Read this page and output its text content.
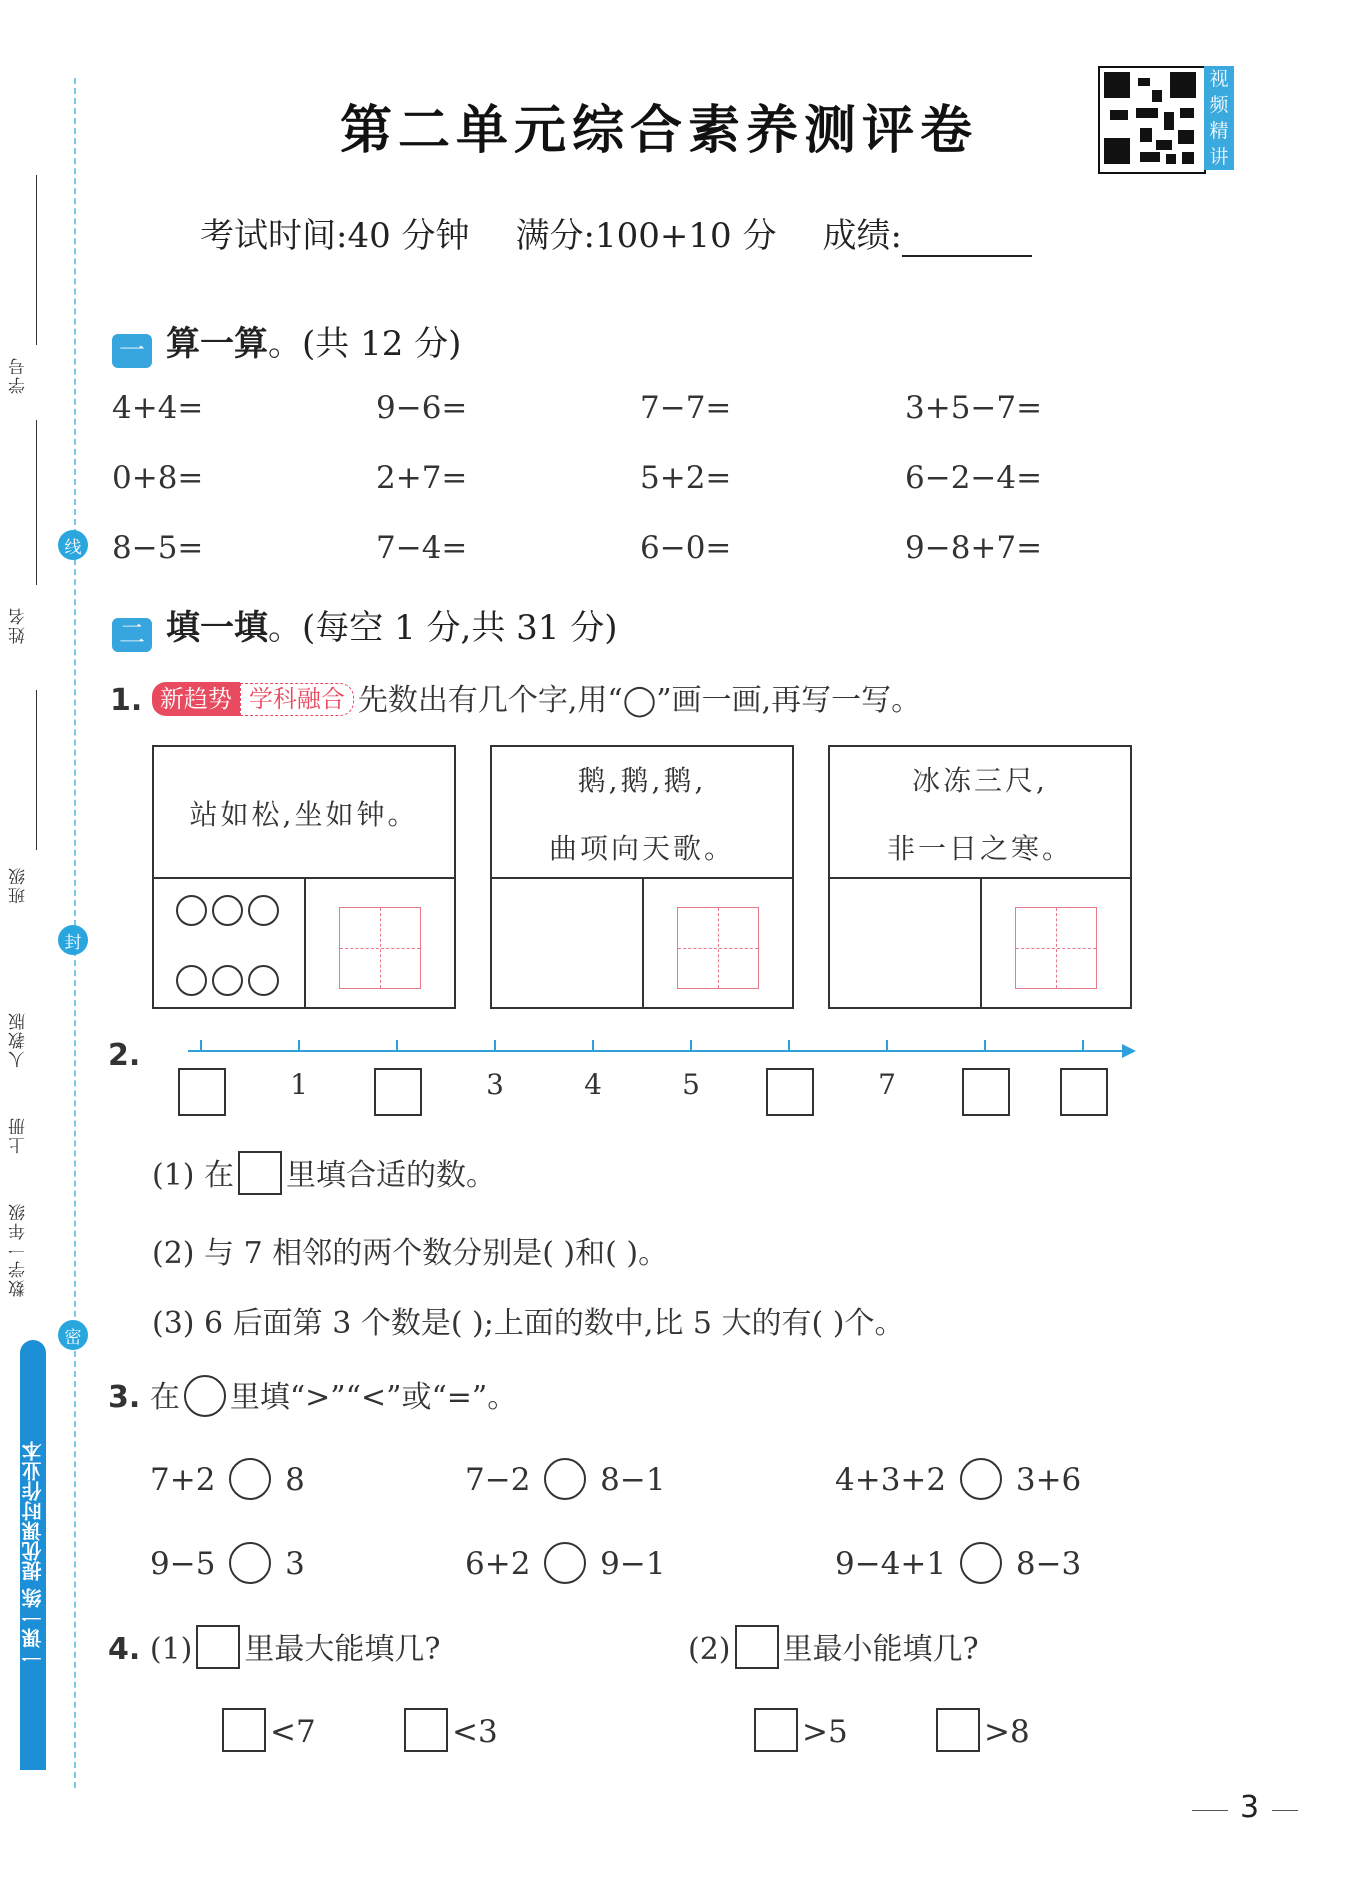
学号
姓名
班级
人教版
上册
数学一年级
线
封
密
一课一练 提优课时作业本
第二单元综合素养测评卷
视频精讲
考试时间:40 分钟 满分:100+10 分 成绩:
一 算一算。(共 12 分)
4+4=	9−6=	7−7=	3+5−7=
0+8=	2+7=	5+2=	6−2−4=
8−5=	7−4=	6−0=	9−8+7=
二 填一填。(每空 1 分,共 31 分)
1. 新趋势 学科融合 先数出有几个字,用“◯”画一画,再写一写。
站如松,坐如钟。
鹅,鹅,鹅,
曲项向天歌。
冰冻三尺,
非一日之寒。
2.
1	3	4	5	7
(1) 在 里填合适的数。
(2) 与 7 相邻的两个数分别是( )和( )。
(3) 6 后面第 3 个数是( );上面的数中,比 5 大的有( )个。
3. 在 里填“>”“<”或“=”。
7+2 8	7−2 8−1	4+3+2 3+6
9−5 3	6+2 9−1	9−4+1 8−3
4. (1) 里最大能填几?	(2) 里最小能填几?
<7	<3	>5	>8
3
